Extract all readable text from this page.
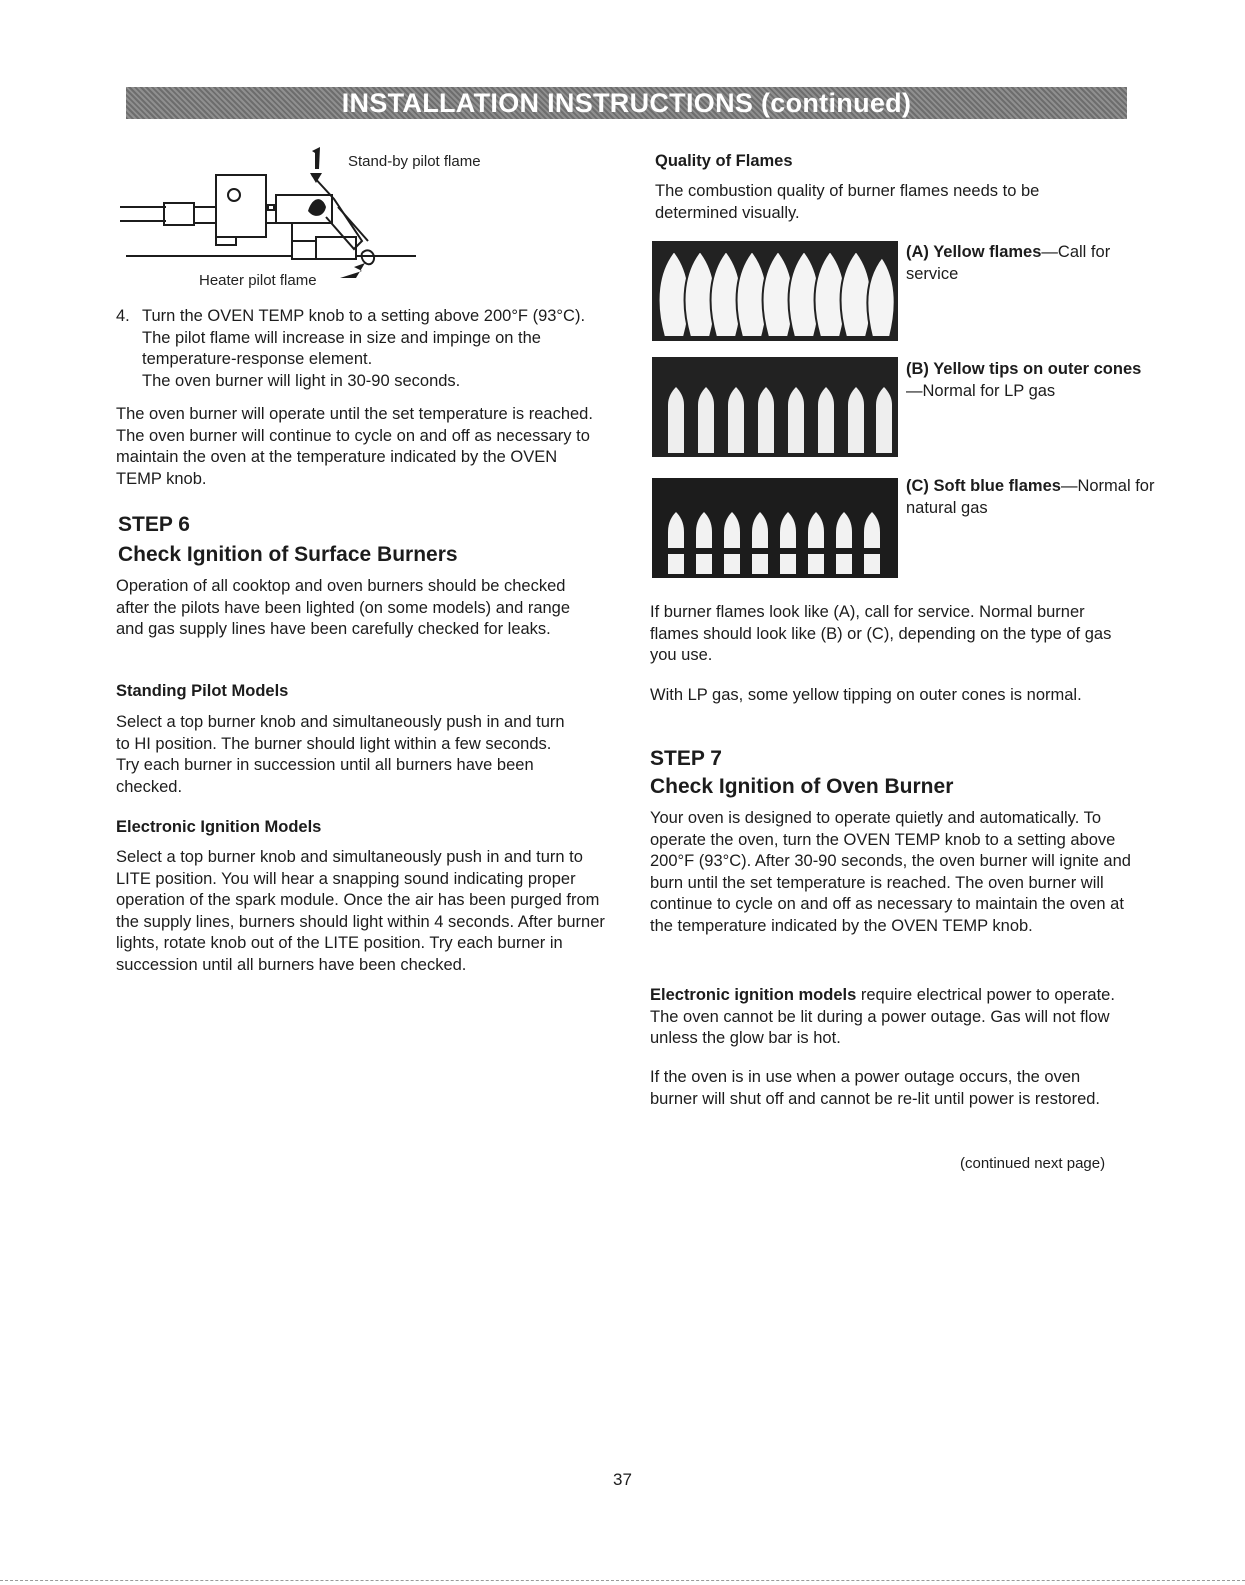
INSTALLATION INSTRUCTIONS (continued)
Stand-by pilot flame
Heater pilot flame
4. Turn the OVEN TEMP knob to a setting above 200°F (93°C). The pilot flame will increase in size and impinge on the temperature-response element.
The oven burner will light in 30-90 seconds.

The oven burner will operate until the set temperature is reached. The oven burner will continue to cycle on and off as necessary to maintain the oven at the temperature indicated by the OVEN TEMP knob.

STEP 6

Check Ignition of Surface Burners

Operation of all cooktop and oven burners should be checked after the pilots have been lighted (on some models) and range and gas supply lines have been carefully checked for leaks.

Standing Pilot Models

Select a top burner knob and simultaneously push in and turn to HI position. The burner should light within a few seconds. Try each burner in succession until all burners have been checked.

Electronic Ignition Models

Select a top burner knob and simultaneously push in and turn to LITE position. You will hear a snapping sound indicating proper operation of the spark module. Once the air has been purged from the supply lines, burners should light within 4 seconds. After burner lights, rotate knob out of the LITE position. Try each burner in succession until all burners have been checked.

Quality of Flames

The combustion quality of burner flames needs to be determined visually.

(A) Yellow flames—Call for service
(B) Yellow tips on outer cones—Normal for LP gas
(C) Soft blue flames—Normal for natural gas

If burner flames look like (A), call for service. Normal burner flames should look like (B) or (C), depending on the type of gas you use.

With LP gas, some yellow tipping on outer cones is normal.

STEP 7

Check Ignition of Oven Burner

Your oven is designed to operate quietly and automatically. To operate the oven, turn the OVEN TEMP knob to a setting above 200°F (93°C). After 30-90 seconds, the oven burner will ignite and burn until the set temperature is reached. The oven burner will continue to cycle on and off as necessary to maintain the oven at the temperature indicated by the OVEN TEMP knob.

Electronic ignition models require electrical power to operate. The oven cannot be lit during a power outage. Gas will not flow unless the glow bar is hot.

If the oven is in use when a power outage occurs, the oven burner will shut off and cannot be re-lit until power is restored.

(continued next page)
37
